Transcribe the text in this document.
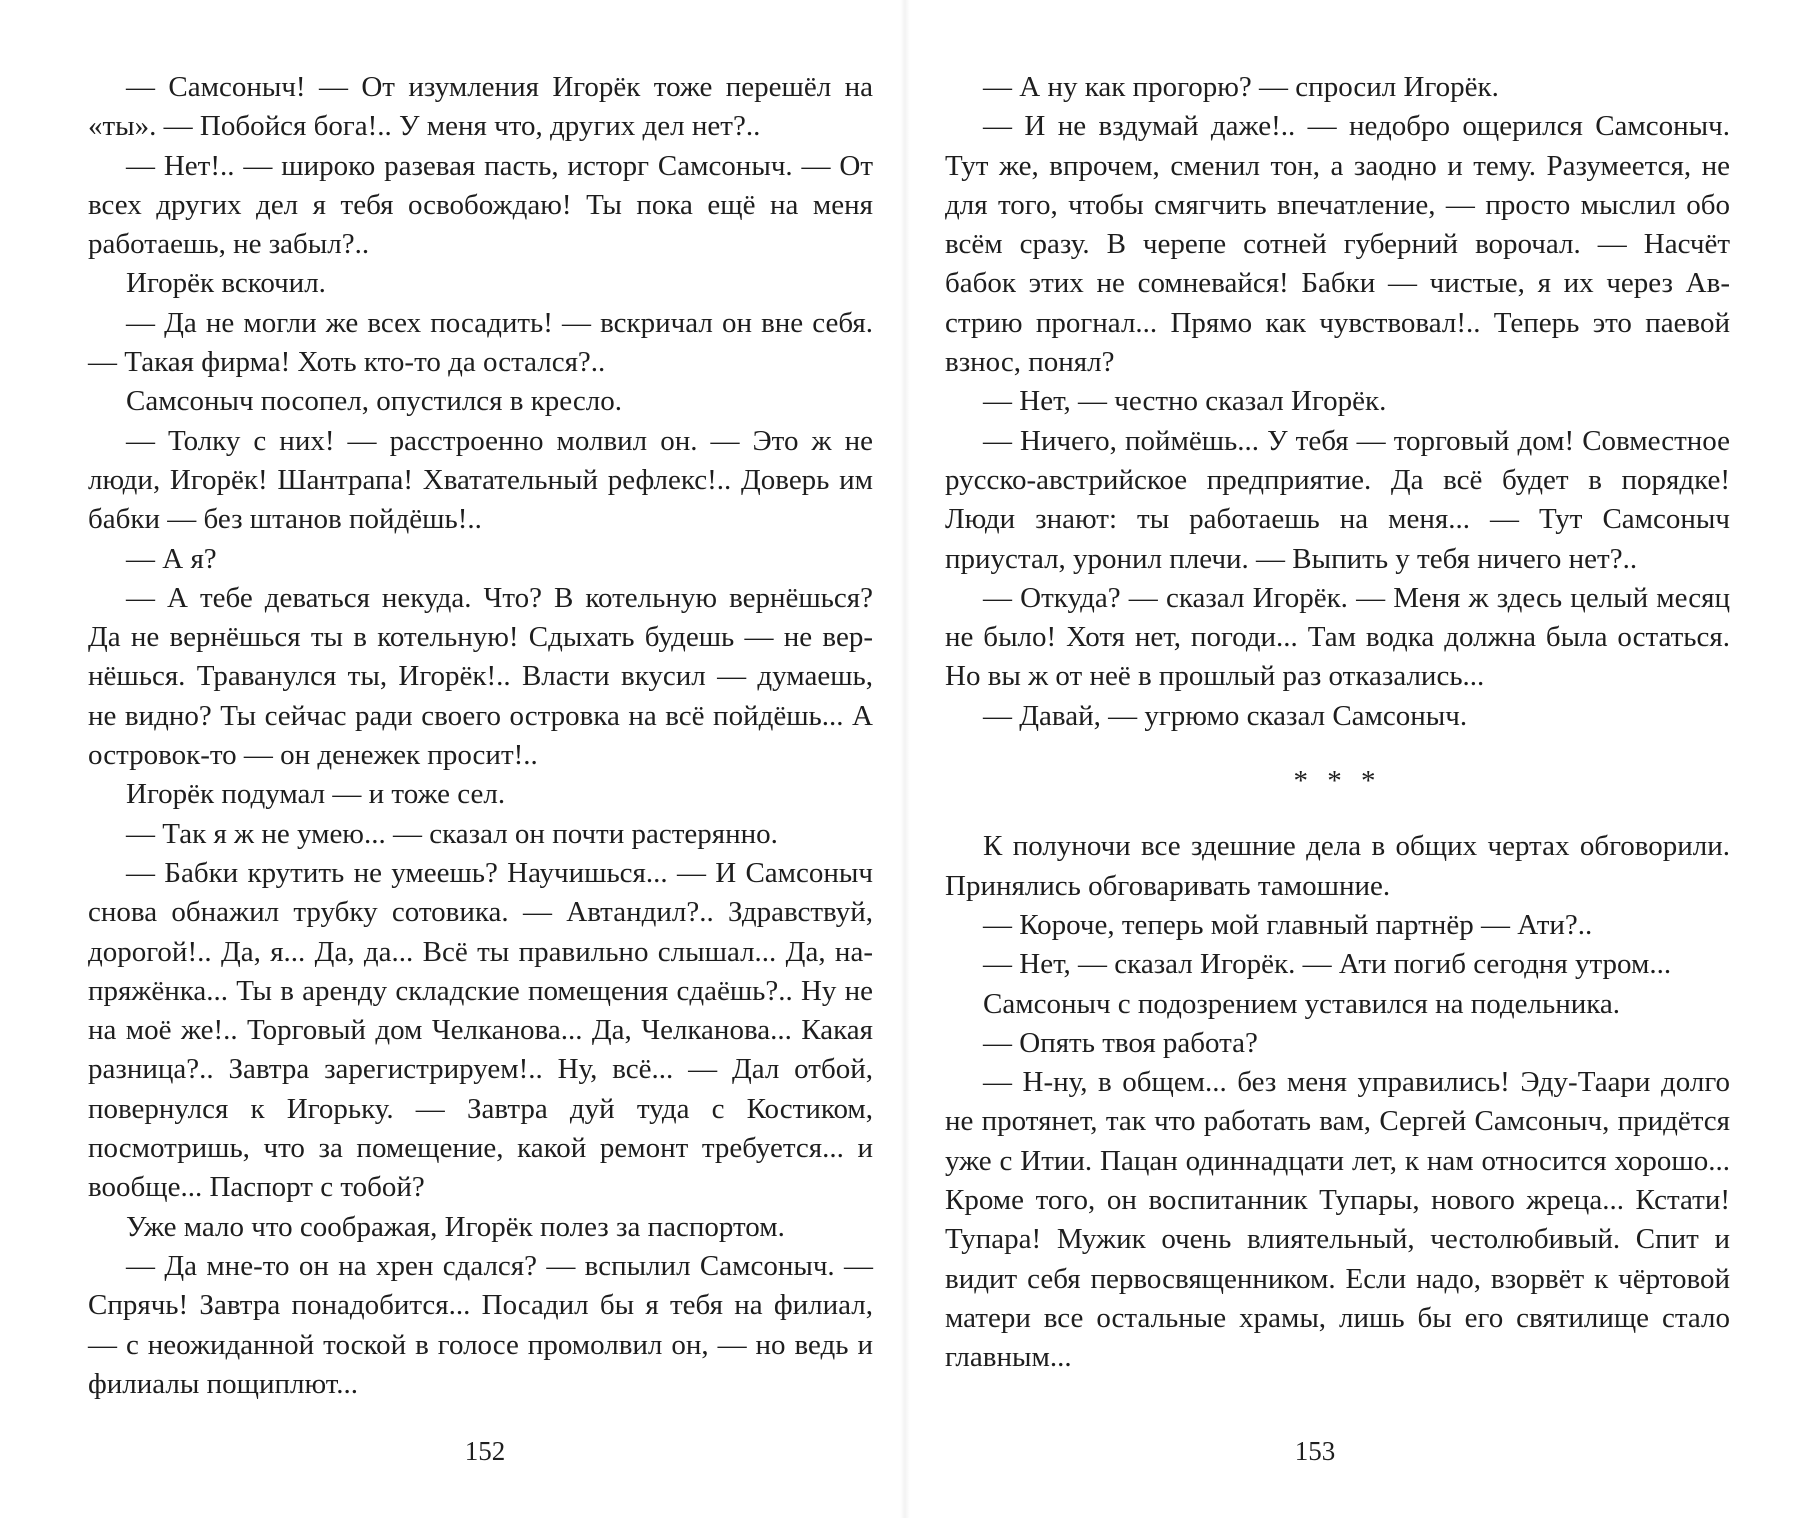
— Самсоныч! — От изумления Игорёк тоже перешёл на «ты». — Побойся бога!.. У меня что, других дел нет?..

— Нет!.. — широко разевая пасть, исторг Самсоныч. — От всех других дел я тебя освобождаю! Ты пока ещё на меня работаешь, не забыл?..

Игорёк вскочил.

— Да не могли же всех посадить! — вскричал он вне себя. — Такая фирма! Хоть кто-то да остался?..

Самсоныч посопел, опустился в кресло.

— Толку с них! — расстроенно молвил он. — Это ж не люди, Игорёк! Шантрапа! Хватательный рефлекс!.. Доверь им бабки — без штанов пойдёшь!..

— А я?

— А тебе деваться некуда. Что? В котельную вернёшься? Да не вернёшься ты в котельную! Сдыхать будешь — не вернёшься. Траванулся ты, Игорёк!.. Власти вкусил — думаешь, не видно? Ты сейчас ради своего островка на всё пойдёшь... А островок-то — он денежек просит!..

Игорёк подумал — и тоже сел.

— Так я ж не умею... — сказал он почти растерянно.

— Бабки крутить не умеешь? Научишься... — И Самсоныч снова обнажил трубку сотовика. — Автандил?.. Здравствуй, дорогой!.. Да, я... Да, да... Всё ты правильно слышал... Да, напряжёнка... Ты в аренду складские помещения сдаёшь?.. Ну не на моё же!.. Торговый дом Челканова... Да, Челканова... Какая разница?.. Завтра зарегистрируем!.. Ну, всё... — Дал отбой, повернулся к Игорьку. — Завтра дуй туда с Костиком, посмотришь, что за помещение, какой ремонт требуется... и вообще... Паспорт с тобой?

Уже мало что соображая, Игорёк полез за паспортом.

— Да мне-то он на хрен сдался? — вспылил Самсоныч. — Спрячь! Завтра понадобится... Посадил бы я тебя на филиал, — с неожиданной тоской в голосе промолвил он, — но ведь и филиалы пощиплют...

152

— А ну как прогорю? — спросил Игорёк.

— И не вздумай даже!.. — недобро ощерился Самсоныч. Тут же, впрочем, сменил тон, а заодно и тему. Разумеется, не для того, чтобы смягчить впечатление, — просто мыслил обо всём сразу. В черепе сотней губерний ворочал. — Насчёт бабок этих не сомневайся! Бабки — чистые, я их через Австрию прогнал... Прямо как чувствовал!.. Теперь это паевой взнос, понял?

— Нет, — честно сказал Игорёк.

— Ничего, поймёшь... У тебя — торговый дом! Совместное русско-австрийское предприятие. Да всё будет в порядке! Люди знают: ты работаешь на меня... — Тут Самсоныч приустал, уронил плечи. — Выпить у тебя ничего нет?..

— Откуда? — сказал Игорёк. — Меня ж здесь целый месяц не было! Хотя нет, погоди... Там водка должна была остаться. Но вы ж от неё в прошлый раз отказались...

— Давай, — угрюмо сказал Самсоныч.

* * *

К полуночи все здешние дела в общих чертах обговорили. Принялись обговаривать тамошние.

— Короче, теперь мой главный партнёр — Ати?..

— Нет, — сказал Игорёк. — Ати погиб сегодня утром...

Самсоныч с подозрением уставился на подельника.

— Опять твоя работа?

— Н-ну, в общем... без меня управились! Эду-Таари долго не протянет, так что работать вам, Сергей Самсоныч, придётся уже с Итии. Пацан одиннадцати лет, к нам относится хорошо... Кроме того, он воспитанник Тупары, нового жреца... Кстати! Тупара! Мужик очень влиятельный, честолюбивый. Спит и видит себя первосвященником. Если надо, взорвёт к чёртовой матери все остальные храмы, лишь бы его святилище стало главным...

153
